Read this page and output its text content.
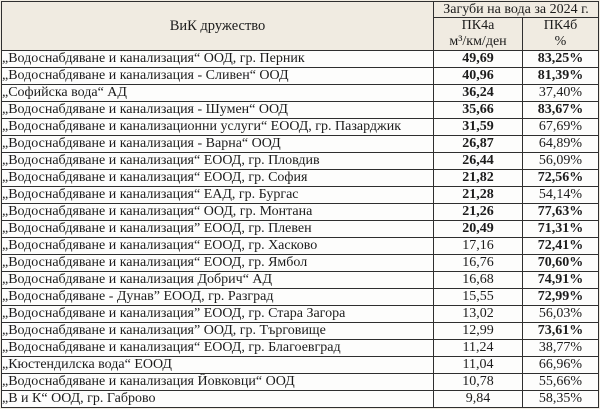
ВиК дружество	Загуби на вода за 2024 г.	

ПК4а
м³/км/ден

ПК4б
%

„Водоснабдяване и канализация“ ООД, гр. Перник	49,69	83,25%
„Водоснабдяване и канализация - Сливен“ ООД	40,96	81,39%
„Софийска вода“ АД	36,24	37,40%
„Водоснабдяване и канализация - Шумен“ ООД	35,66	83,67%
„Водоснабдяване и канализационни услуги“ ЕООД, гр. Пазарджик	31,59	67,69%
„Водоснабдяване и канализация - Варна“ ООД	26,87	64,89%
„Водоснабдяване и канализация“ ЕООД, гр. Пловдив	26,44	56,09%
„Водоснабдяване и канализация“ ЕООД, гр. София	21,82	72,56%
„Водоснабдяване и канализация“ ЕАД, гр. Бургас	21,28	54,14%
„Водоснабдяване и канализация“ ООД, гр. Монтана	21,26	77,63%
„Водоснабдяване и канализация” ЕООД, гр. Плевен	20,49	71,31%
„Водоснабдяване и канализация“ ЕООД, гр. Хасково	17,16	72,41%
„Водоснабдяване и канализация“ ЕООД, гр. Ямбол	16,76	70,60%
„Водоснабдяване и канализация Добрич“ АД	16,68	74,91%
„Водоснабдяване - Дунав” ЕООД, гр. Разград	15,55	72,99%
„Водоснабдяване и канализация” ЕООД, гр. Стара Загора	13,02	56,03%
„Водоснабдяване и канализация” ООД, гр. Търговище	12,99	73,61%
„Водоснабдяване и канализация“ ЕООД, гр. Благоевград	11,24	38,77%
„Кюстендилска вода“ ЕООД	11,04	66,96%
„Водоснабдяване и канализация Йовковци“ ООД	10,78	55,66%
„В и К“ ООД, гр. Габрово	9,84	58,35%
